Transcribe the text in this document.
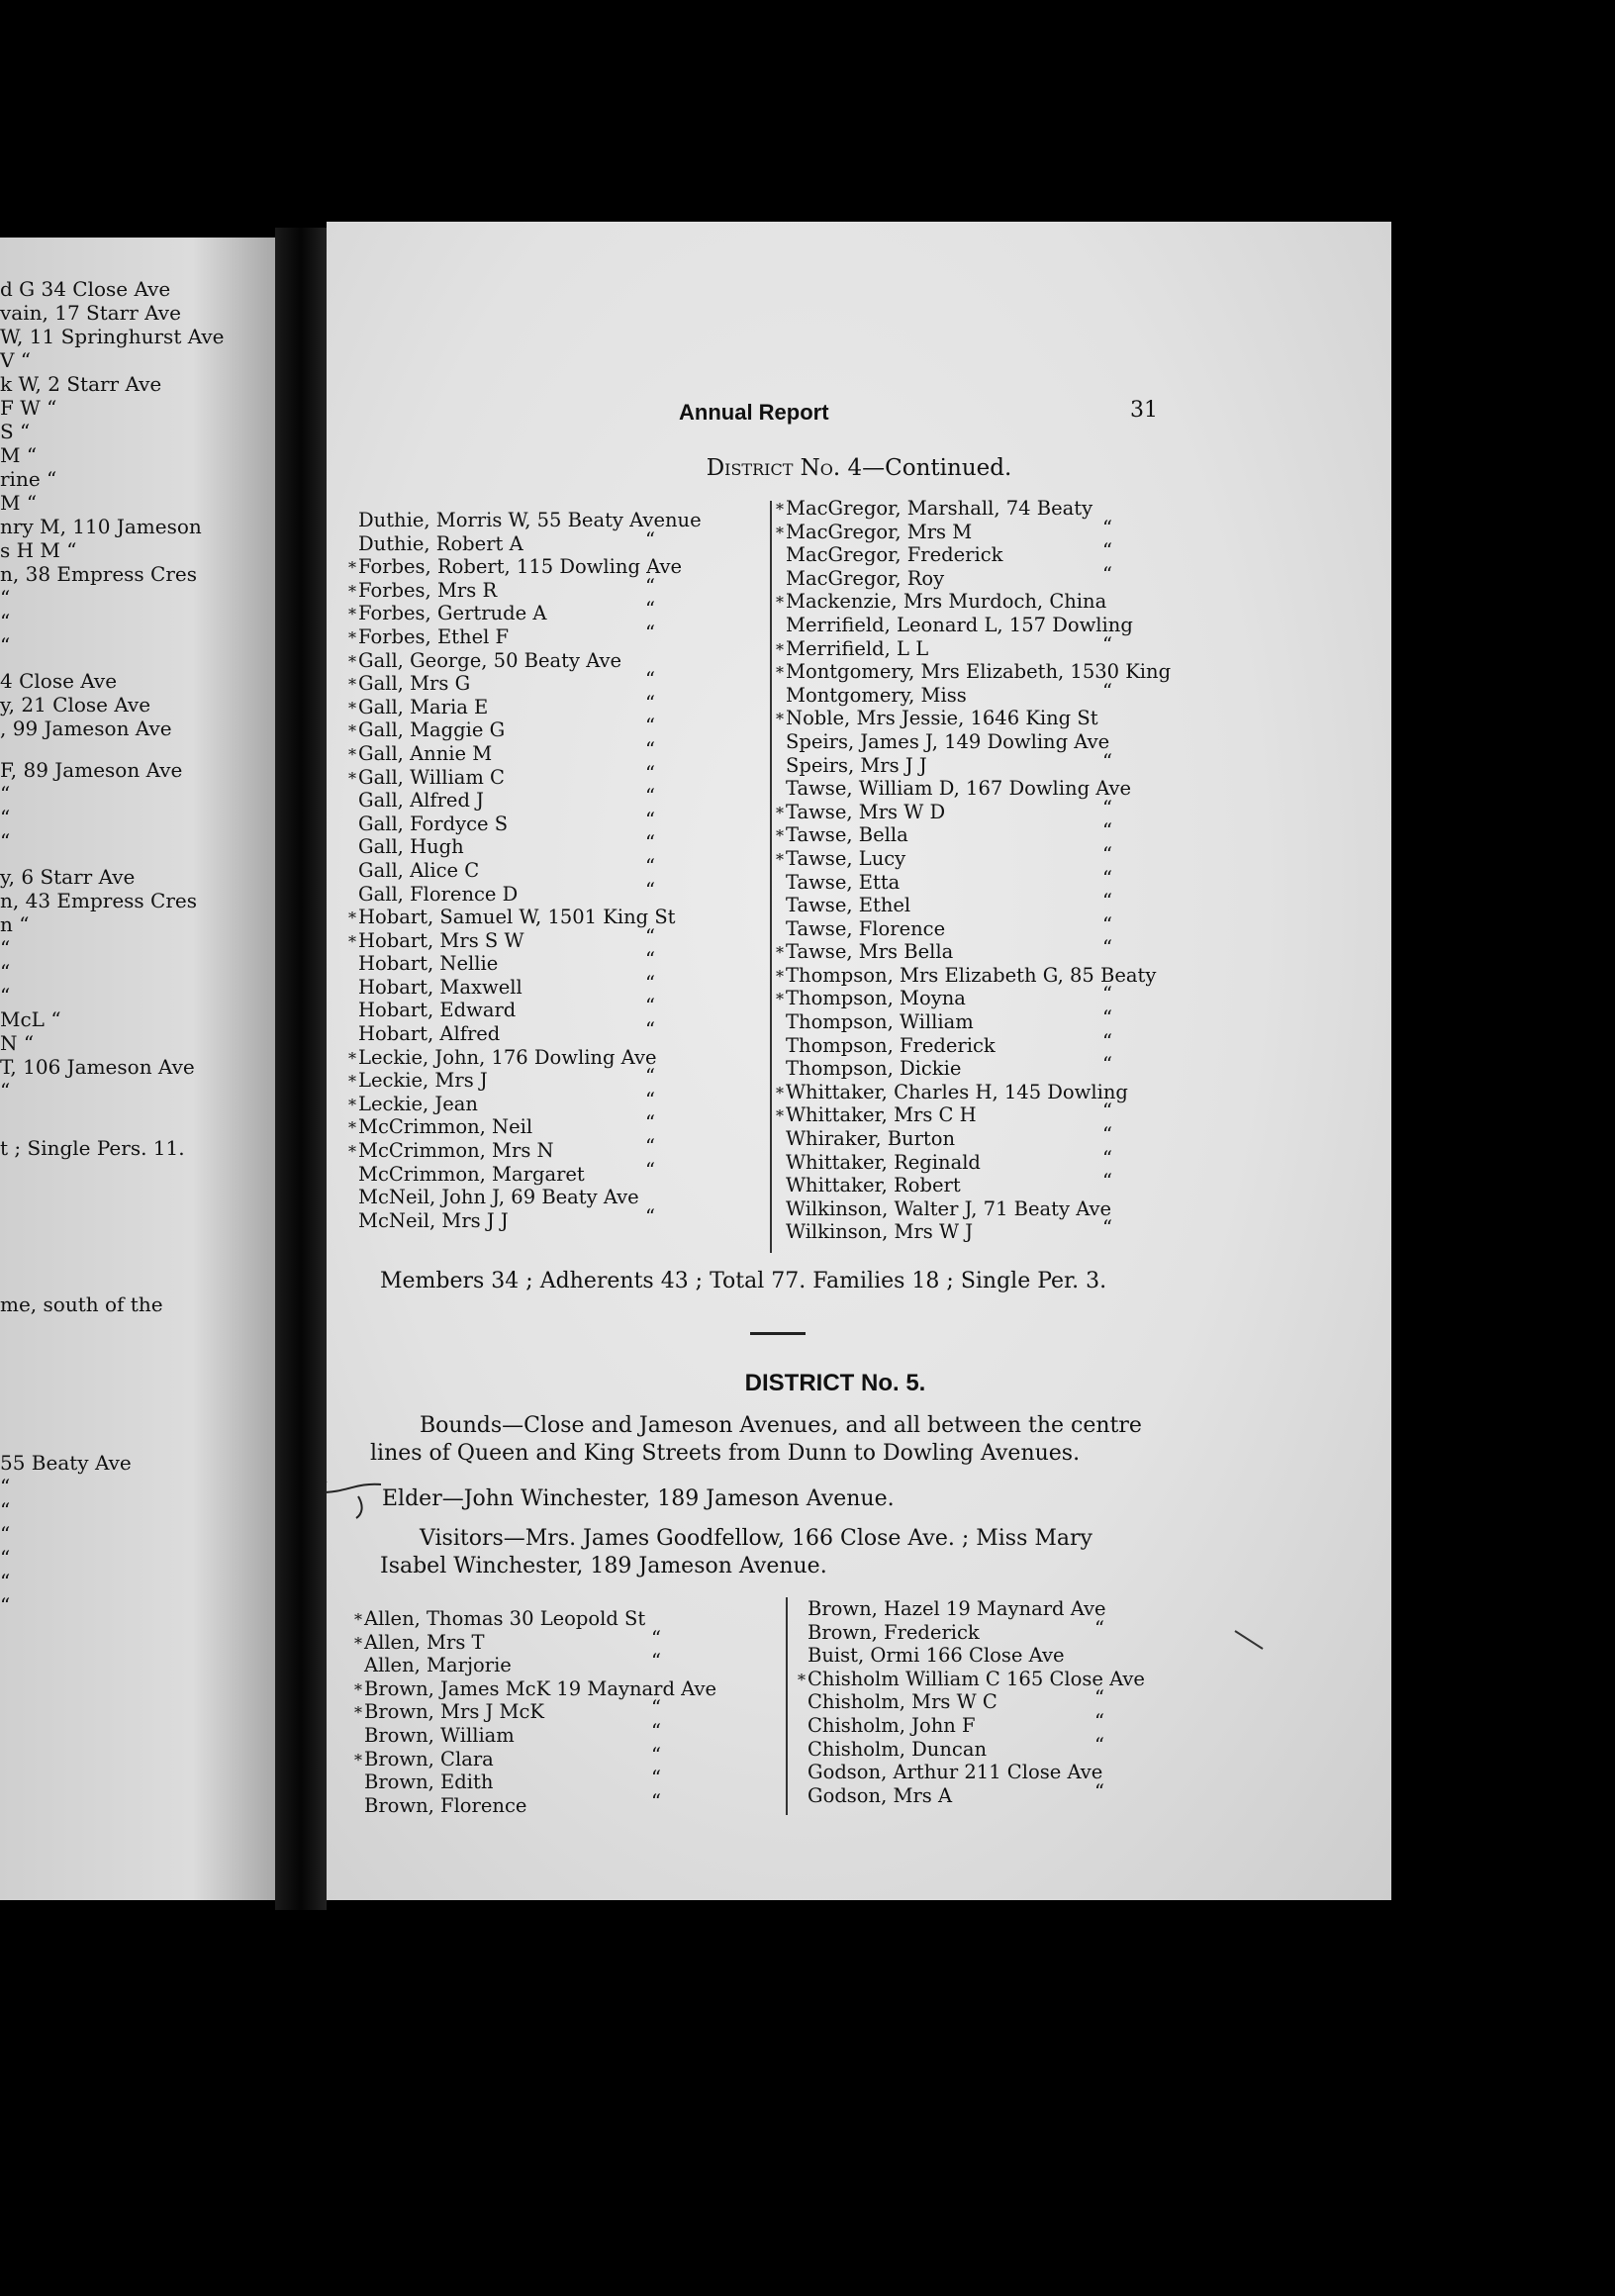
d G 34 Close Ave
vain, 17 Starr Ave
W, 11 Springhurst Ave
V “
k W, 2 Starr Ave
F W “
S “
M “
rine “
M “
nry M, 110 Jameson
s H M “
n, 38 Empress Cres
“
“
“
4 Close Ave
y, 21 Close Ave
, 99 Jameson Ave
F, 89 Jameson Ave
“
“
“
y, 6 Starr Ave
n, 43 Empress Cres
n “
“
“
“
McL “
N “
T, 106 Jameson Ave
“
t ; Single Pers. 11.
me, south of the
55 Beaty Ave
“
“
“
“
“
“
Annual Report	31
District No. 4—Continued.
Duthie, Morris W, 55 Beaty Avenue
Duthie, Robert A	“
* Forbes, Robert, 115 Dowling Ave
* Forbes, Mrs R	“
* Forbes, Gertrude A	“
* Forbes, Ethel F	“
* Gall, George, 50 Beaty Ave
* Gall, Mrs G	“
* Gall, Maria E	“
* Gall, Maggie G	“
* Gall, Annie M	“
* Gall, William C	“
Gall, Alfred J	“
Gall, Fordyce S	“
Gall, Hugh	“
Gall, Alice C	“
Gall, Florence D	“
* Hobart, Samuel W, 1501 King St
* Hobart, Mrs S W	“
Hobart, Nellie	“
Hobart, Maxwell	“
Hobart, Edward	“
Hobart, Alfred	“
* Leckie, John, 176 Dowling Ave
* Leckie, Mrs J	“
* Leckie, Jean	“
* McCrimmon, Neil	“
* McCrimmon, Mrs N	“
McCrimmon, Margaret	“
McNeil, John J, 69 Beaty Ave
McNeil, Mrs J J	“
* MacGregor, Marshall, 74 Beaty
* MacGregor, Mrs M	“
MacGregor, Frederick	“
MacGregor, Roy	“
* Mackenzie, Mrs Murdoch, China
Merrifield, Leonard L, 157 Dowling
* Merrifield, L L	“
* Montgomery, Mrs Elizabeth, 1530 King
Montgomery, Miss	“
* Noble, Mrs Jessie, 1646 King St
Speirs, James J, 149 Dowling Ave
Speirs, Mrs J J	“
Tawse, William D, 167 Dowling Ave
* Tawse, Mrs W D	“
* Tawse, Bella	“
* Tawse, Lucy	“
Tawse, Etta	“
Tawse, Ethel	“
Tawse, Florence	“
* Tawse, Mrs Bella	“
* Thompson, Mrs Elizabeth G, 85 Beaty
* Thompson, Moyna	“
Thompson, William	“
Thompson, Frederick	“
Thompson, Dickie	“
* Whittaker, Charles H, 145 Dowling
* Whittaker, Mrs C H	“
Whiraker, Burton	“
Whittaker, Reginald	“
Whittaker, Robert	“
Wilkinson, Walter J, 71 Beaty Ave
Wilkinson, Mrs W J	“
Members 34 ; Adherents 43 ; Total 77. Families 18 ; Single Per. 3.
DISTRICT No. 5.
Bounds—Close and Jameson Avenues, and all between the centre
lines of Queen and King Streets from Dunn to Dowling Avenues.
Elder—John Winchester, 189 Jameson Avenue.
Visitors—Mrs. James Goodfellow, 166 Close Ave. ; Miss Mary
Isabel Winchester, 189 Jameson Avenue.
* Allen, Thomas 30 Leopold St
* Allen, Mrs T	“
Allen, Marjorie	“
* Brown, James McK 19 Maynard Ave
* Brown, Mrs J McK	“
Brown, William	“
* Brown, Clara	“
Brown, Edith	“
Brown, Florence	“
Brown, Hazel 19 Maynard Ave
Brown, Frederick	“
Buist, Ormi 166 Close Ave
* Chisholm William C 165 Close Ave
Chisholm, Mrs W C	“
Chisholm, John F	“
Chisholm, Duncan	“
Godson, Arthur 211 Close Ave
Godson, Mrs A	“
